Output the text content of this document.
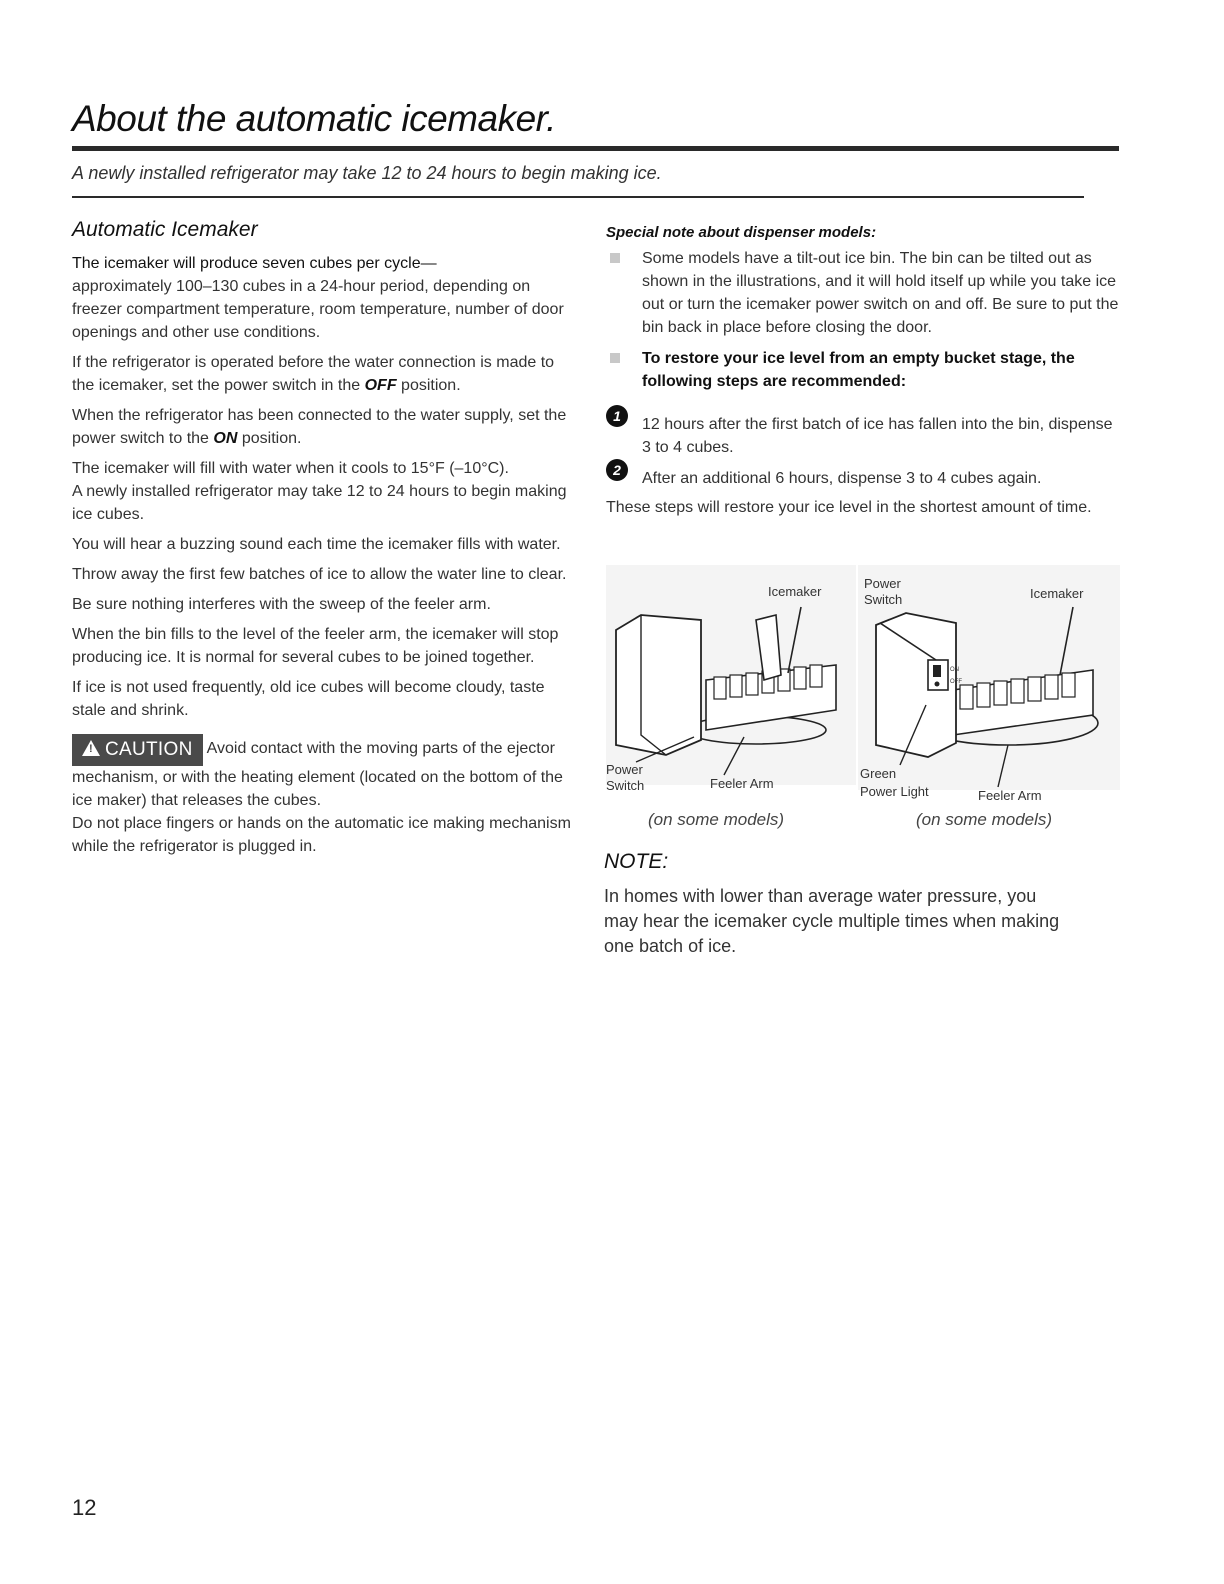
About the automatic icemaker.
A newly installed refrigerator may take 12 to 24 hours to begin making ice.
Automatic Icemaker

The icemaker will produce seven cubes per cycle—
approximately 100–130 cubes in a 24-hour period, depending on freezer compartment temperature, room temperature, number of door openings and other use conditions.

If the refrigerator is operated before the water connection is made to the icemaker, set the power switch in the OFF position.

When the refrigerator has been connected to the water supply, set the power switch to the ON position.

The icemaker will fill with water when it cools to 15°F (–10°C).
A newly installed refrigerator may take 12 to 24 hours to begin making ice cubes.

You will hear a buzzing sound each time the icemaker fills with water.

Throw away the first few batches of ice to allow the water line to clear.

Be sure nothing interferes with the sweep of the feeler arm.

When the bin fills to the level of the feeler arm, the icemaker will stop producing ice. It is normal for several cubes to be joined together.

If ice is not used frequently, old ice cubes will become cloudy, taste stale and shrink.

! CAUTION Avoid contact with the moving parts of the ejector mechanism, or with the heating element (located on the bottom of the ice maker) that releases the cubes.
Do not place fingers or hands on the automatic ice making mechanism while the refrigerator is plugged in.
Special note about dispenser models:
Some models have a tilt-out ice bin. The bin can be tilted out as shown in the illustrations, and it will hold itself up while you take ice out or turn the icemaker power switch on and off. Be sure to put the bin back in place before closing the door.
To restore your ice level from an empty bucket stage, the following steps are recommended:
1	12 hours after the first batch of ice has fallen into the bin, dispense 3 to 4 cubes.
2	After an additional 6 hours, dispense 3 to 4 cubes again.

These steps will restore your ice level in the shortest amount of time.

Icemaker
Power
Switch	Feeler Arm
(on some models)
ON
OFF
Power
Switch	Icemaker
Green
Power Light	Feeler Arm
(on some models)
NOTE:

In homes with lower than average water pressure, you may hear the icemaker cycle multiple times when making one batch of ice.

12
